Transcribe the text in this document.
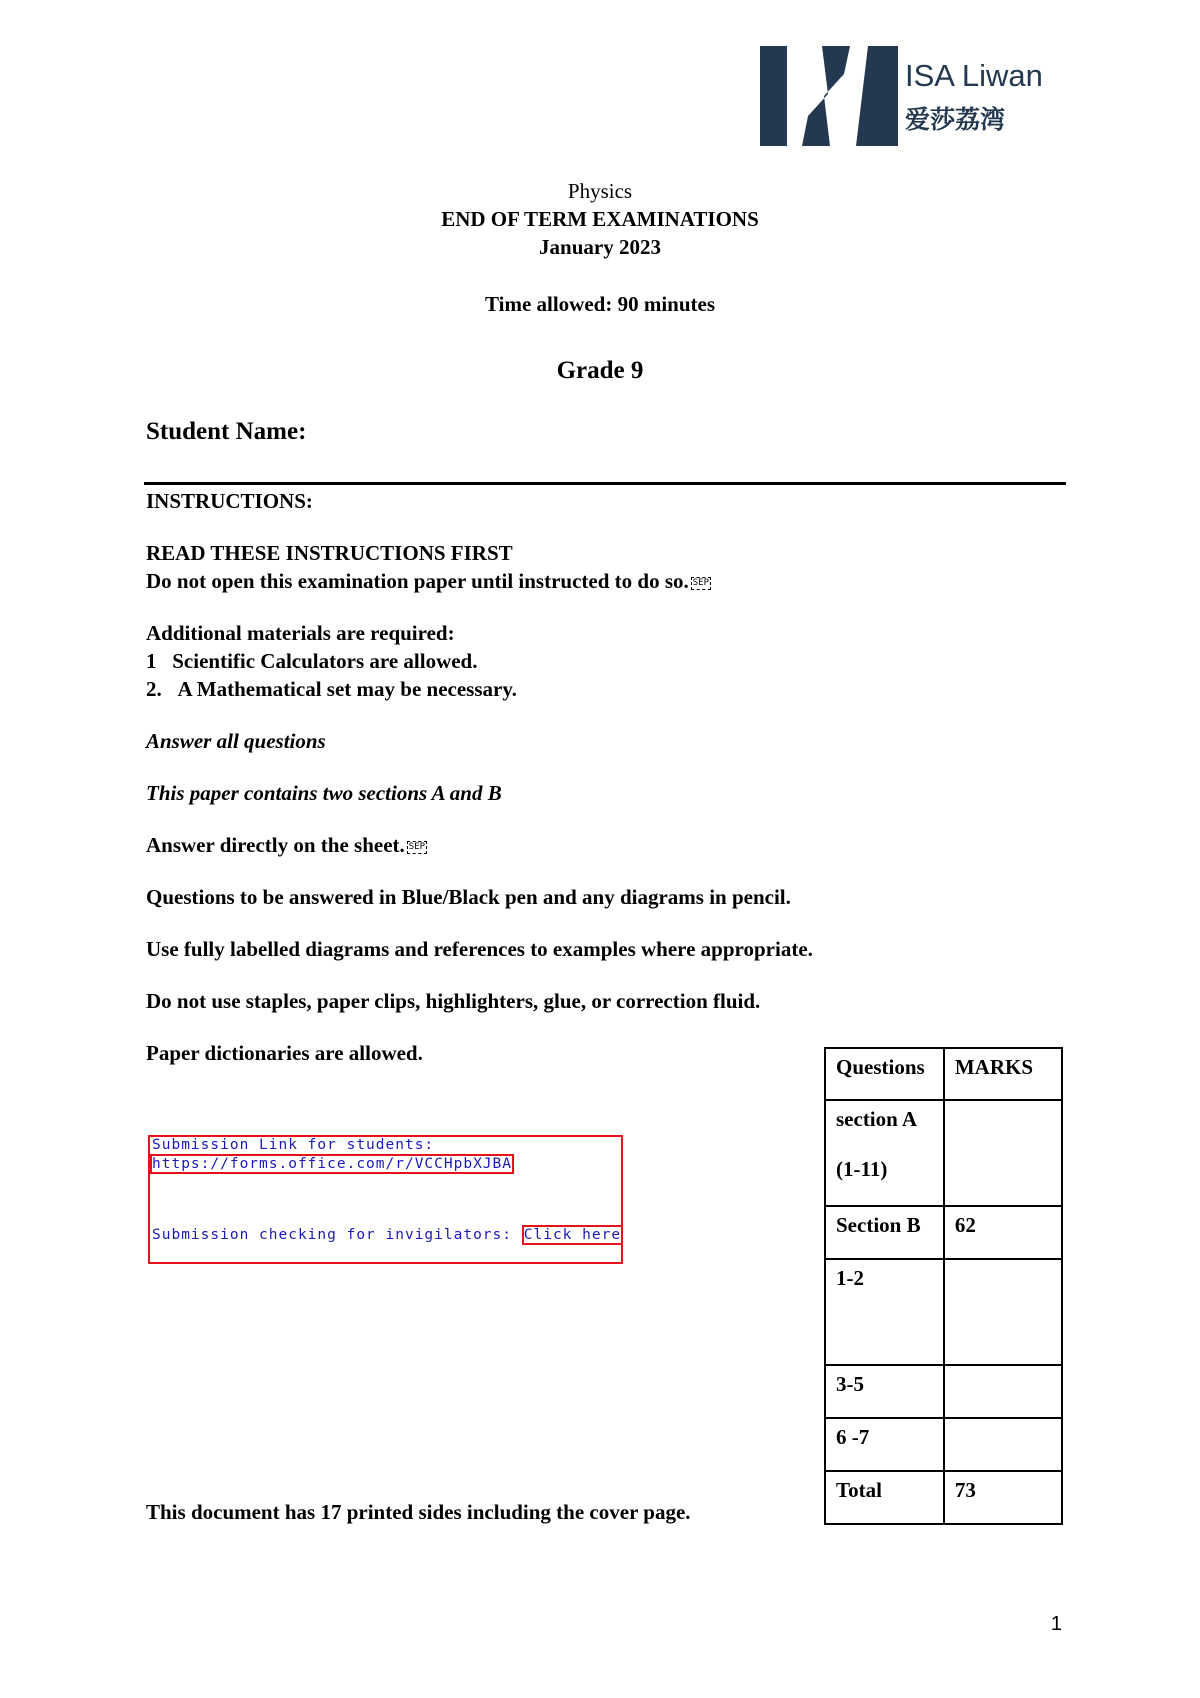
ISA Liwan
爱莎荔湾
Physics
END OF TERM EXAMINATIONS
January 2023
Time allowed: 90 minutes
Grade 9
Student Name:
INSTRUCTIONS:
READ THESE INSTRUCTIONS FIRST
Do not open this examination paper until instructed to do so. SEP
Additional materials are required:
1 Scientific Calculators are allowed.
2. A Mathematical set may be necessary.
Answer all questions
This paper contains two sections A and B
Answer directly on the sheet. SEP
Questions to be answered in Blue/Black pen and any diagrams in pencil.
Use fully labelled diagrams and references to examples where appropriate.
Do not use staples, paper clips, highlighters, glue, or correction fluid.
Paper dictionaries are allowed.
Submission Link for students:
https://forms.office.com/r/VCCHpbXJBA
Submission checking for invigilators: Click here
This document has 17 printed sides including the cover page.
Questions	MARKS

section A
(1-11)	

Section B	62
1-2	
3-5	
6 -7	
Total	73
1
